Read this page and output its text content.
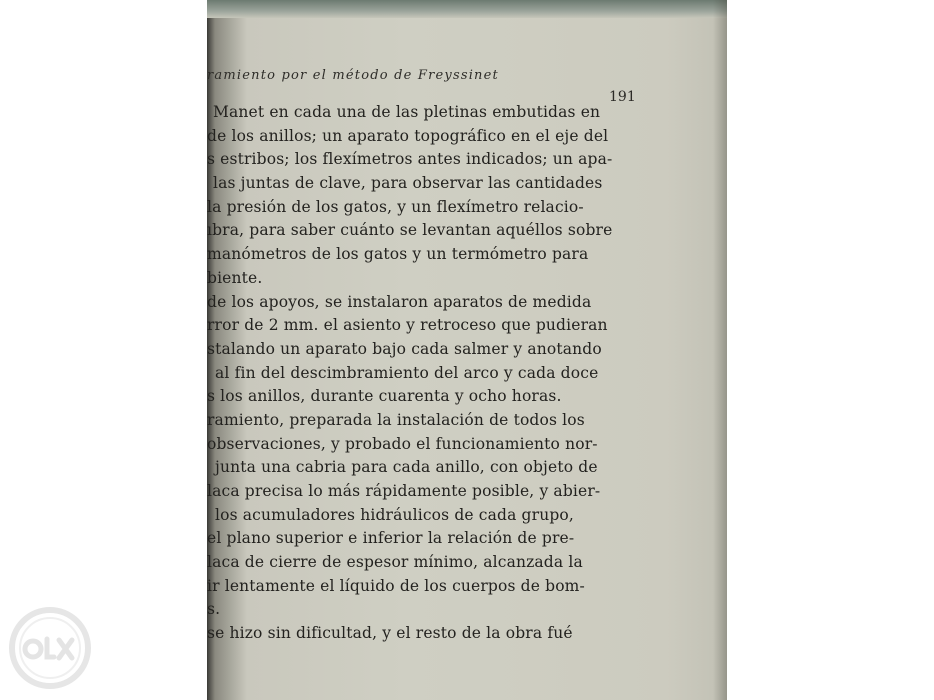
ramiento por el método de Freyssinet
191
Manet en cada una de las pletinas embutidas en
de los anillos; un aparato topográfico en el eje del
s estribos; los flexímetros antes indicados; un apa-
las juntas de clave, para observar las cantidades
la presión de los gatos, y un flexímetro relacio-
ıbra, para saber cuánto se levantan aquéllos sobre
manómetros de los gatos y un termómetro para
biente.
de los apoyos, se instalaron aparatos de medida
rror de 2 mm. el asiento y retroceso que pudieran
stalando un aparato bajo cada salmer y anotando
al fin del descimbramiento del arco y cada doce
s los anillos, durante cuarenta y ocho horas.
ramiento, preparada la instalación de todos los
observaciones, y probado el funcionamiento nor-
junta una cabria para cada anillo, con objeto de
laca precisa lo más rápidamente posible, y abier-
los acumuladores hidráulicos de cada grupo,
el plano superior e inferior la relación de pre-
laca de cierre de espesor mínimo, alcanzada la
ir lentamente el líquido de los cuerpos de bom-
s.
se hizo sin dificultad, y el resto de la obra fué
